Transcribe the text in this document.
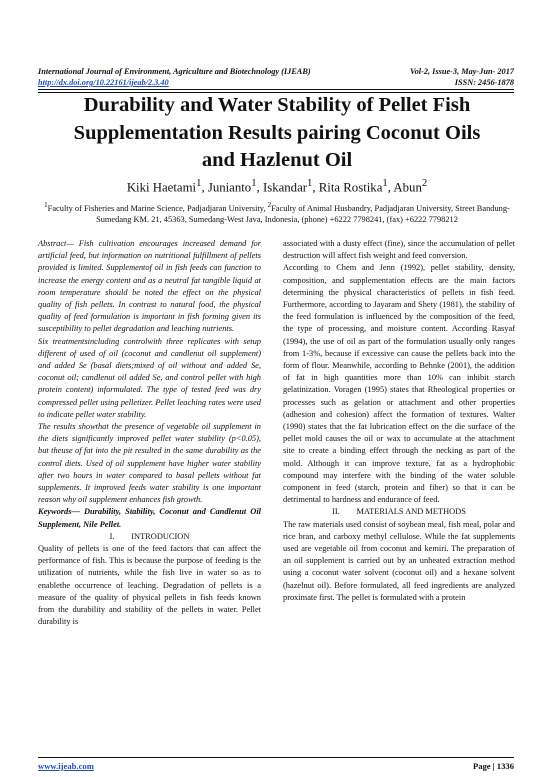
International Journal of Environment, Agriculture and Biotechnology (IJEAB)	Vol-2, Issue-3, May-Jun- 2017
http://dx.doi.org/10.22161/ijeab/2.3.40	ISSN: 2456-1878
Durability and Water Stability of Pellet Fish
Supplementation Results pairing Coconut Oils
and Hazlenut Oil
Kiki Haetami$^1$, Junianto$^1$, Iskandar$^1$, Rita Rostika$^1$, Abun$^2$
$^1$Faculty of Fisheries and Marine Science, Padjadjaran University, $^2$Faculty of Animal Husbandry, Padjadjaran University, Street Bandung-Sumedang KM. 21, 45363, Sumedang-West Java, Indonesia, (phone) +6222 7798241, (fax) +6222 7798212

Abstract— Fish cultivation encourages increased demand for artificial feed, but information on nutritional fulfillment of pellets provided is limited. Supplementof oil in fish feeds can function to increase the energy content and as a neutral fat tangible liquid at room temperature should be noted the effect on the physical quality of fish pellets. In contrast to natural food, the physical quality of feed formulation is important in fish forming given its susceptibility to pellet degradation and leaching nutrients.

Six treatmentsincluding controlwith three replicates with setup different of used of oil (coconut and candlenut oil supplement) and added Se (basal diets;mixed of oil without and added Se, coconut oil; candlenut oil added Se, and control pellet with high protein content) informulated. The type of tested feed was dry compressed pellet using pelletizer. Pellet leaching rates were used to indicate pellet water stability.

The results showthat the presence of vegetable oil supplement in the diets significantly improved pellet water stability (p<0.05), but theuse of fat into the pit resulted in the same durability as the control diets. Used of oil supplement have higher water stability after two hours in water compared to basal pellets without fat supplements. It improved feeds water stability is one important reason why oil supplement enhances fish growth.

Keywords— Durability, Stability, Coconut and Candlenut Oil Supplement, Nile Pellet.

I.        INTRODUCION

Quality of pellets is one of the feed factors that can affect the performance of fish. This is because the purpose of feeding is the utilization of nutrients, while the fish live in water so as to enablethe occurrence of leaching. Degradation of pellets is a measure of the quality of physical pellets in fish feeds known from the durability and stability of the pellets in water. Pellet durability is

associated with a dusty effect (fine), since the accumulation of pellet destruction will affect fish weight and feed conversion.

According to Chem and Jenn (1992), pellet stability, density, composition, and supplementation effects are the main factors determining the physical characteristics of pellets in fish feed. Furthermore, according to Jayaram and Shety (1981), the stability of the feed formulation is influenced by the composition of the feed, the type of processing, and moisture content. According Rasyaf (1994), the use of oil as part of the formulation usually only ranges from 1-3%, because if excessive can cause the pellets back into the form of flour. Meanwhile, according to Behnke (2001), the addition of fat in high quantities more than 10% can inhibit starch gelatinization. Voragen (1995) states that Rheological properties or processes such as gelation or attachment and other properties (adhesion and cohesion) affect the formation of textures. Walter (1990) states that the fat lubrication effect on the die surface of the pellet mold causes the oil or wax to accumulate at the attachment site to create a binding effect through the necking as part of the mold. Although it can improve texture, fat as a hydrophobic compound may interfere with the binding of the water soluble component in feed (starch, protein and fiber) so that it can be detrimental to hardness and endurance of feed.

II.        MATERIALS AND METHODS

The raw materials used consist of soybean meal, fish meal, polar and rice bran, and carboxy methyl cellulose. While the fat supplements used are vegetable oil from coconut and kemiri. The preparation of an oil supplement is carried out by an unheated extraction method using a coconut water solvent (coconut oil) and a hexane solvent (hazelnut oil). Before formulated, all feed ingredients are analyzed proximate first. The pellet is formulated with a protein

www.ijeab.com	Page | 1336
